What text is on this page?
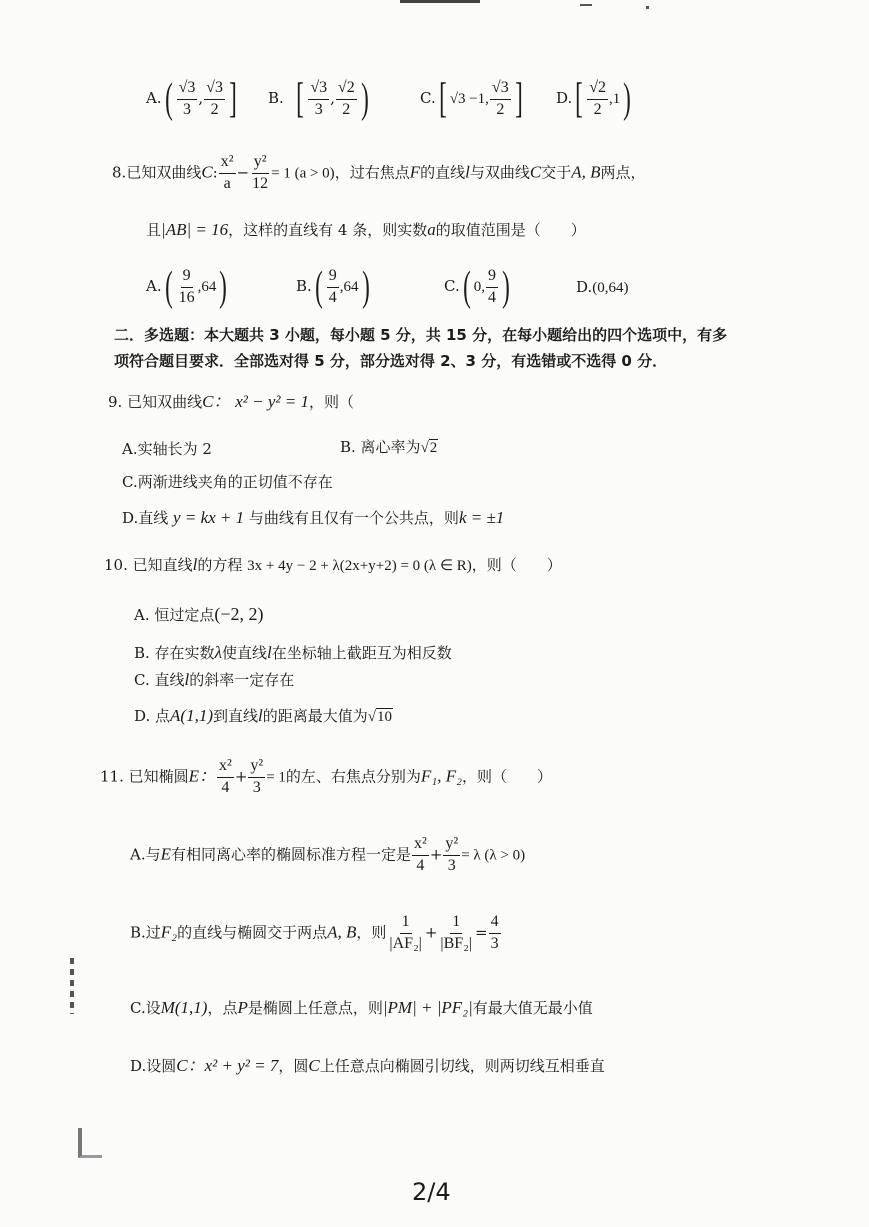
$A.( \frac{√3}{3}$ , $\frac{√3}{2}$ ] B. [ $\frac{√3}{3}$ , $\frac{√2}{2}$ )	C.[ √3 −1, $\frac{√3}{2}$ ] $D.[ \frac{√2}{2} ,1)$
8.已知双曲线C: $\frac{\text{x²}}{a} - \frac{\text{y²}}{12} = 1$ (a > 0)，过右焦点F的直线l与双曲线C交于A, B两点，
且|AB| = 16，这样的直线有 4 条，则实数a的取值范围是（　　）
$A.( \frac{9}{16} ,64)$	$B.( \frac{9}{4} ,64)$	C.( 0, $\frac{9}{4}$ )	D.(0,64)
二．多选题：本大题共 3 小题，每小题 5 分，共 15 分，在每小题给出的四个选项中，有多
项符合题目要求．全部选对得 5 分，部分选对得 2、3 分，有选错或不选得 0 分．
9. 已知双曲线C： x² − y² = 1，则（
A.实轴长为 2	B. 离心率为√2
C.两渐进线夹角的正切值不存在
D.直线 y = kx + 1 与曲线有且仅有一个公共点，则k = ±1
10. 已知直线l的方程 3x + 4y − 2 + λ(2x+y+2) = 0 (λ ∈ R)，则（　　）
A. 恒过定点(−2, 2)
B. 存在实数λ使直线l在坐标轴上截距互为相反数
C. 直线l的斜率一定存在
D. 点A(1,1)到直线l的距离最大值为√10
11. 已知椭圆E： $\frac{\text{x²}}{4} + \frac{\text{y²}}{3} = 1$的左、右焦点分别为F₁, F₂，则（　　）
A.与E有相同离心率的椭圆标准方程一定是 $\frac{\text{x²}}{4} + \frac{\text{y²}}{3} = \lambda$ (λ > 0)
B.过F₂的直线与椭圆交于两点A, B，则 $\frac{1}{\text{|AF₂|}} + \frac{1}{\text{|BF₂|}} = \frac{4}{3}$
C.设M(1,1)，点P是椭圆上任意点，则|PM| + |PF₂|有最大值无最小值
D.设圆C：x² + y² = 7，圆C上任意点向椭圆引切线，则两切线互相垂直
2/4
